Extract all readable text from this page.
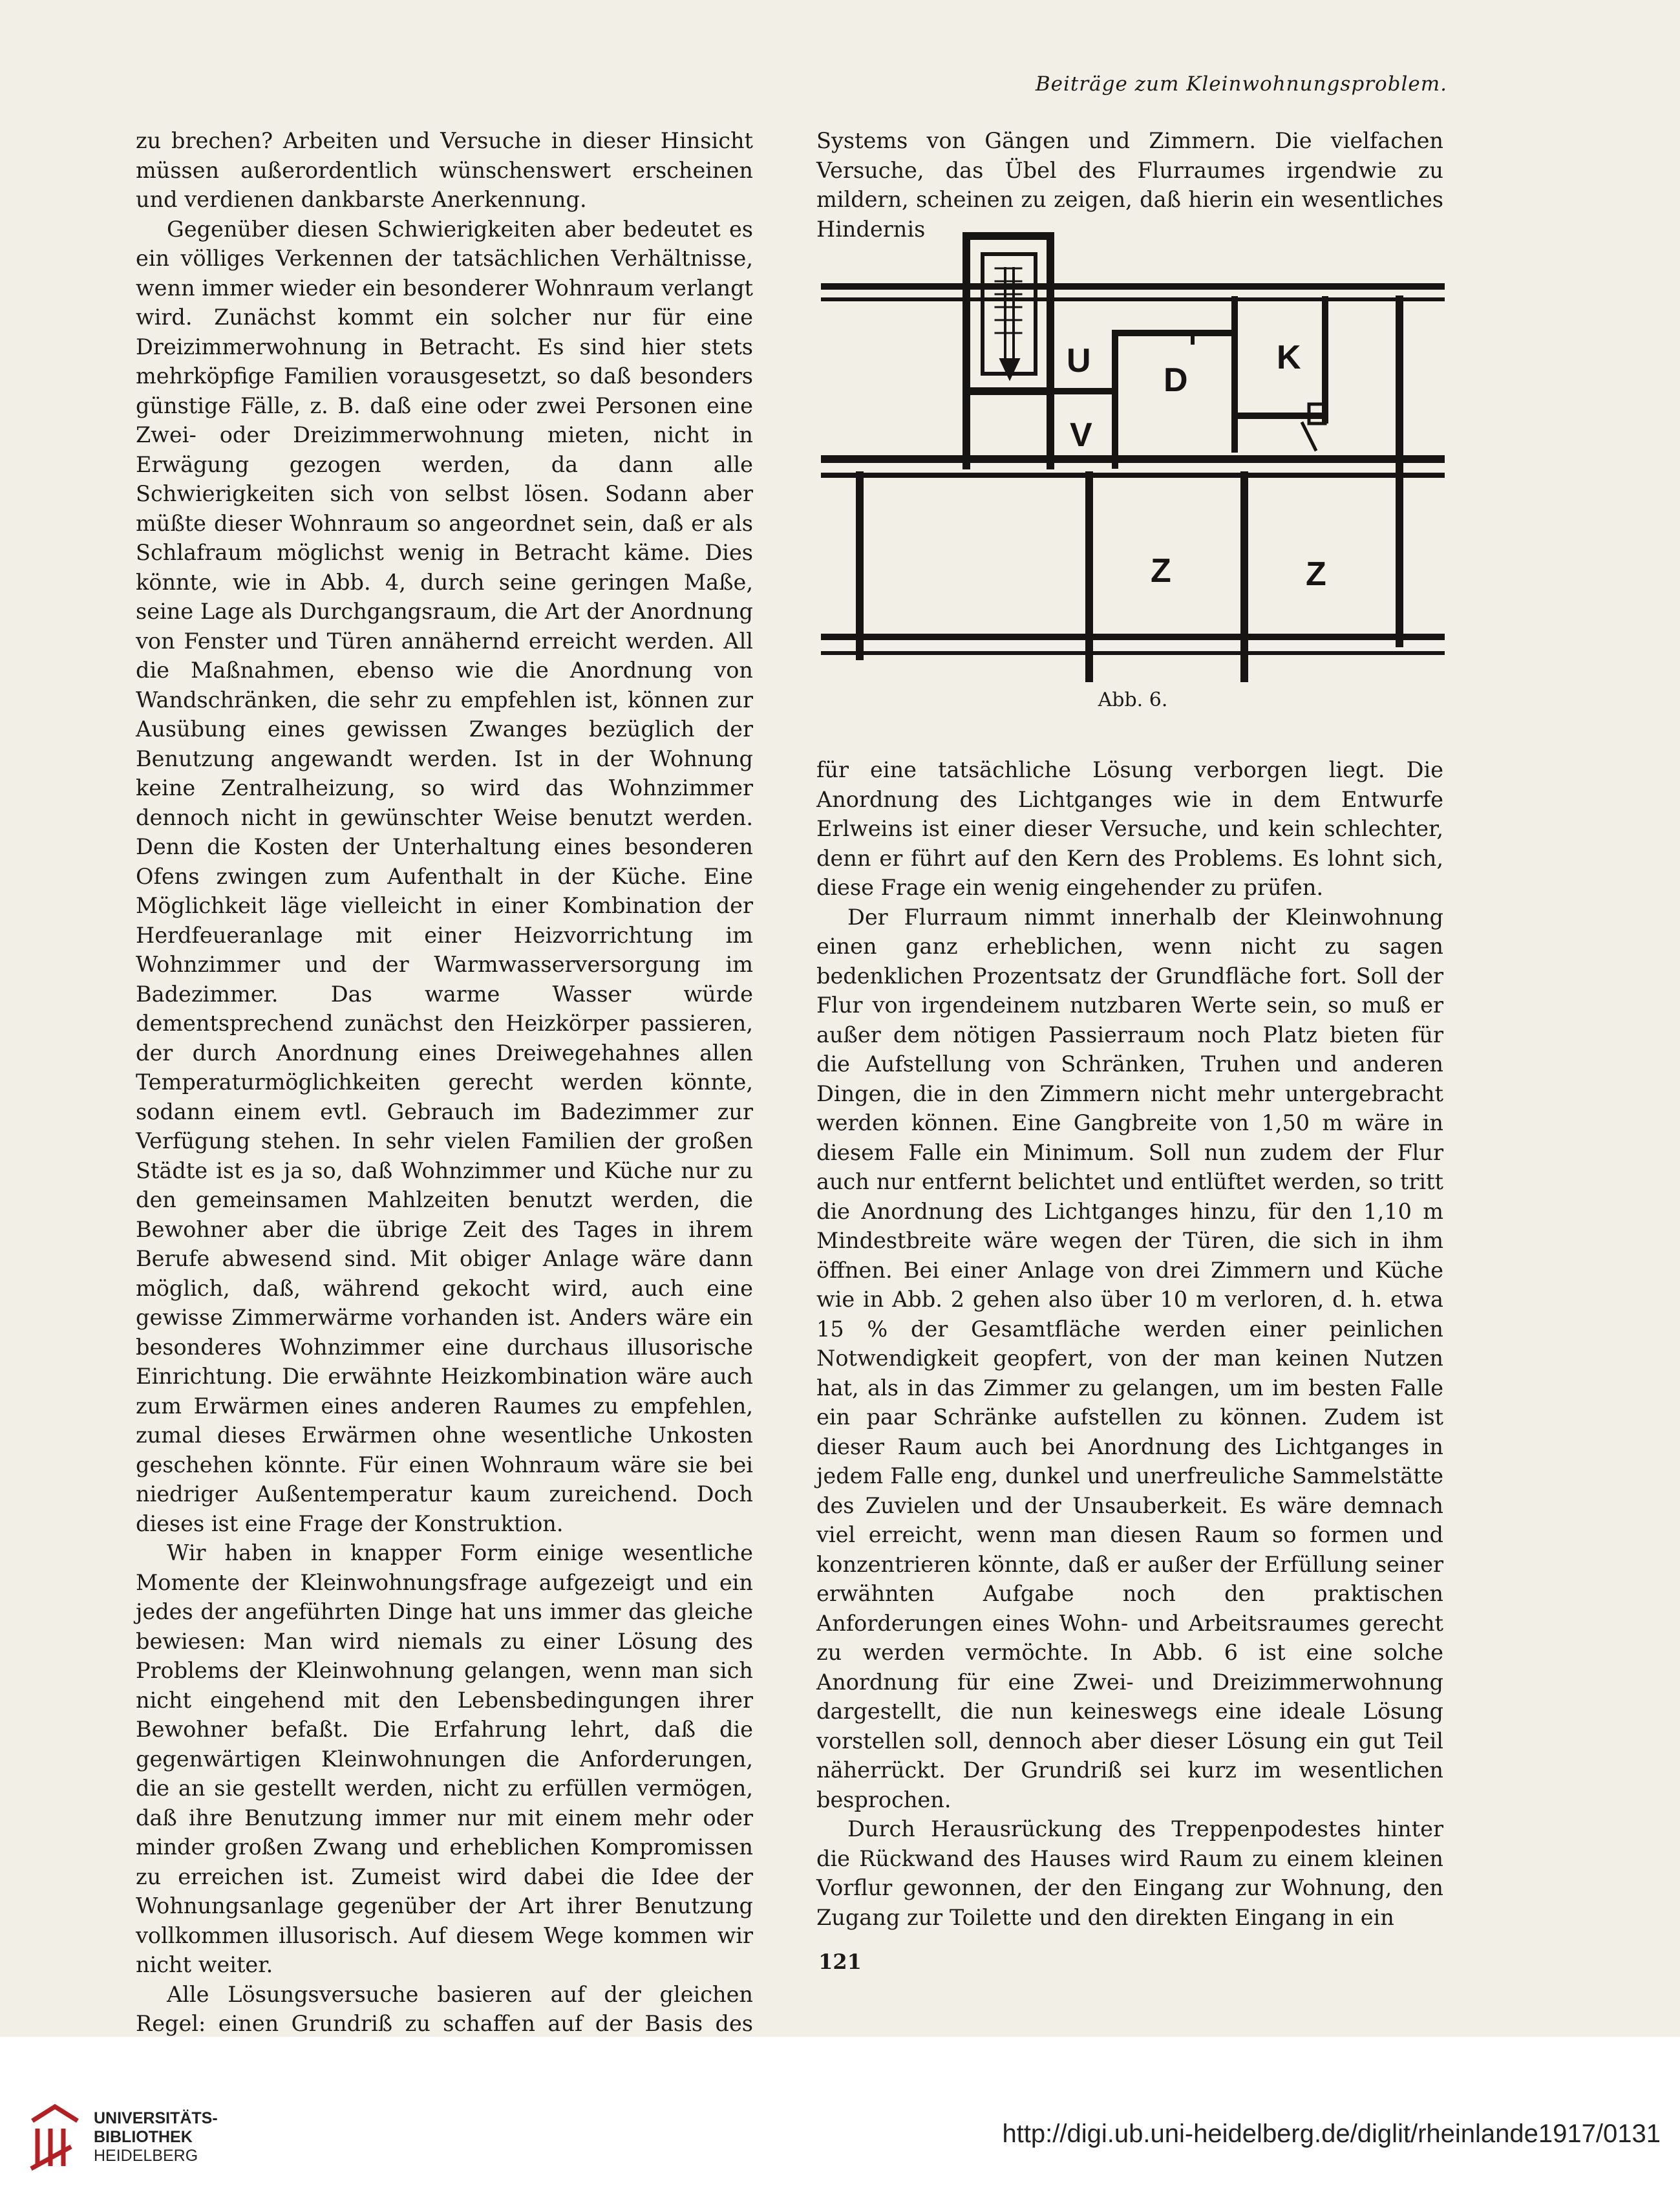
Beiträge zum Kleinwohnungsproblem.

zu brechen? Arbeiten und Versuche in dieser Hinsicht müssen außerordentlich wünschenswert erscheinen und verdienen dankbarste Anerkennung.

Gegenüber diesen Schwierigkeiten aber bedeutet es ein völliges Verkennen der tatsächlichen Verhältnisse, wenn immer wieder ein besonderer Wohnraum verlangt wird. Zunächst kommt ein solcher nur für eine Dreizimmerwohnung in Betracht. Es sind hier stets mehrköpfige Familien vorausgesetzt, so daß besonders günstige Fälle, z. B. daß eine oder zwei Personen eine Zwei- oder Dreizimmerwohnung mieten, nicht in Erwägung gezogen werden, da dann alle Schwierigkeiten sich von selbst lösen. Sodann aber müßte dieser Wohnraum so angeordnet sein, daß er als Schlafraum möglichst wenig in Betracht käme. Dies könnte, wie in Abb. 4, durch seine geringen Maße, seine Lage als Durchgangsraum, die Art der Anordnung von Fenster und Türen annähernd erreicht werden. All die Maßnahmen, ebenso wie die Anordnung von Wandschränken, die sehr zu empfehlen ist, können zur Ausübung eines gewissen Zwanges bezüglich der Benutzung angewandt werden. Ist in der Wohnung keine Zentralheizung, so wird das Wohnzimmer dennoch nicht in gewünschter Weise benutzt werden. Denn die Kosten der Unterhaltung eines besonderen Ofens zwingen zum Aufenthalt in der Küche. Eine Möglichkeit läge vielleicht in einer Kombination der Herdfeueranlage mit einer Heizvorrichtung im Wohnzimmer und der Warmwasserversorgung im Badezimmer. Das warme Wasser würde dementsprechend zunächst den Heizkörper passieren, der durch Anordnung eines Dreiwegehahnes allen Temperaturmöglichkeiten gerecht werden könnte, sodann einem evtl. Gebrauch im Badezimmer zur Verfügung stehen. In sehr vielen Familien der großen Städte ist es ja so, daß Wohnzimmer und Küche nur zu den gemeinsamen Mahlzeiten benutzt werden, die Bewohner aber die übrige Zeit des Tages in ihrem Berufe abwesend sind. Mit obiger Anlage wäre dann möglich, daß, während gekocht wird, auch eine gewisse Zimmerwärme vorhanden ist. Anders wäre ein besonderes Wohnzimmer eine durchaus illusorische Einrichtung. Die erwähnte Heizkombination wäre auch zum Erwärmen eines anderen Raumes zu empfehlen, zumal dieses Erwärmen ohne wesentliche Unkosten geschehen könnte. Für einen Wohnraum wäre sie bei niedriger Außentemperatur kaum zureichend. Doch dieses ist eine Frage der Konstruktion.

Wir haben in knapper Form einige wesentliche Momente der Kleinwohnungsfrage aufgezeigt und ein jedes der angeführten Dinge hat uns immer das gleiche bewiesen: Man wird niemals zu einer Lösung des Problems der Kleinwohnung gelangen, wenn man sich nicht eingehend mit den Lebensbedingungen ihrer Bewohner befaßt. Die Erfahrung lehrt, daß die gegenwärtigen Kleinwohnungen die Anforderungen, die an sie gestellt werden, nicht zu erfüllen vermögen, daß ihre Benutzung immer nur mit einem mehr oder minder großen Zwang und erheblichen Kompromissen zu erreichen ist. Zumeist wird dabei die Idee der Wohnungsanlage gegenüber der Art ihrer Benutzung vollkommen illusorisch. Auf diesem Wege kommen wir nicht weiter.

Alle Lösungsversuche basieren auf der gleichen Regel: einen Grundriß zu schaffen auf der Basis des

Systems von Gängen und Zimmern. Die vielfachen Versuche, das Übel des Flurraumes irgendwie zu mildern, scheinen zu zeigen, daß hierin ein wesentliches Hindernis

U
D
K
V
Z	Z
Abb. 6.

für eine tatsächliche Lösung verborgen liegt. Die Anordnung des Lichtganges wie in dem Entwurfe Erlweins ist einer dieser Versuche, und kein schlechter, denn er führt auf den Kern des Problems. Es lohnt sich, diese Frage ein wenig eingehender zu prüfen.

Der Flurraum nimmt innerhalb der Kleinwohnung einen ganz erheblichen, wenn nicht zu sagen bedenklichen Prozentsatz der Grundfläche fort. Soll der Flur von irgendeinem nutzbaren Werte sein, so muß er außer dem nötigen Passierraum noch Platz bieten für die Aufstellung von Schränken, Truhen und anderen Dingen, die in den Zimmern nicht mehr untergebracht werden können. Eine Gangbreite von 1,50 m wäre in diesem Falle ein Minimum. Soll nun zudem der Flur auch nur entfernt belichtet und entlüftet werden, so tritt die Anordnung des Lichtganges hinzu, für den 1,10 m Mindestbreite wäre wegen der Türen, die sich in ihm öffnen. Bei einer Anlage von drei Zimmern und Küche wie in Abb. 2 gehen also über 10 m verloren, d. h. etwa 15 % der Gesamtfläche werden einer peinlichen Notwendigkeit geopfert, von der man keinen Nutzen hat, als in das Zimmer zu gelangen, um im besten Falle ein paar Schränke aufstellen zu können. Zudem ist dieser Raum auch bei Anordnung des Lichtganges in jedem Falle eng, dunkel und unerfreuliche Sammelstätte des Zuvielen und der Unsauberkeit. Es wäre demnach viel erreicht, wenn man diesen Raum so formen und konzentrieren könnte, daß er außer der Erfüllung seiner erwähnten Aufgabe noch den praktischen Anforderungen eines Wohn- und Arbeitsraumes gerecht zu werden vermöchte. In Abb. 6 ist eine solche Anordnung für eine Zwei- und Dreizimmerwohnung dargestellt, die nun keineswegs eine ideale Lösung vorstellen soll, dennoch aber dieser Lösung ein gut Teil näherrückt. Der Grundriß sei kurz im wesentlichen besprochen.

Durch Herausrückung des Treppenpodestes hinter die Rückwand des Hauses wird Raum zu einem kleinen Vorflur gewonnen, der den Eingang zur Wohnung, den Zugang zur Toilette und den direkten Eingang in ein

121
UNIVERSITÄTS-
BIBLIOTHEK
HEIDELBERG
http://digi.ub.uni-heidelberg.de/diglit/rheinlande1917/0131
